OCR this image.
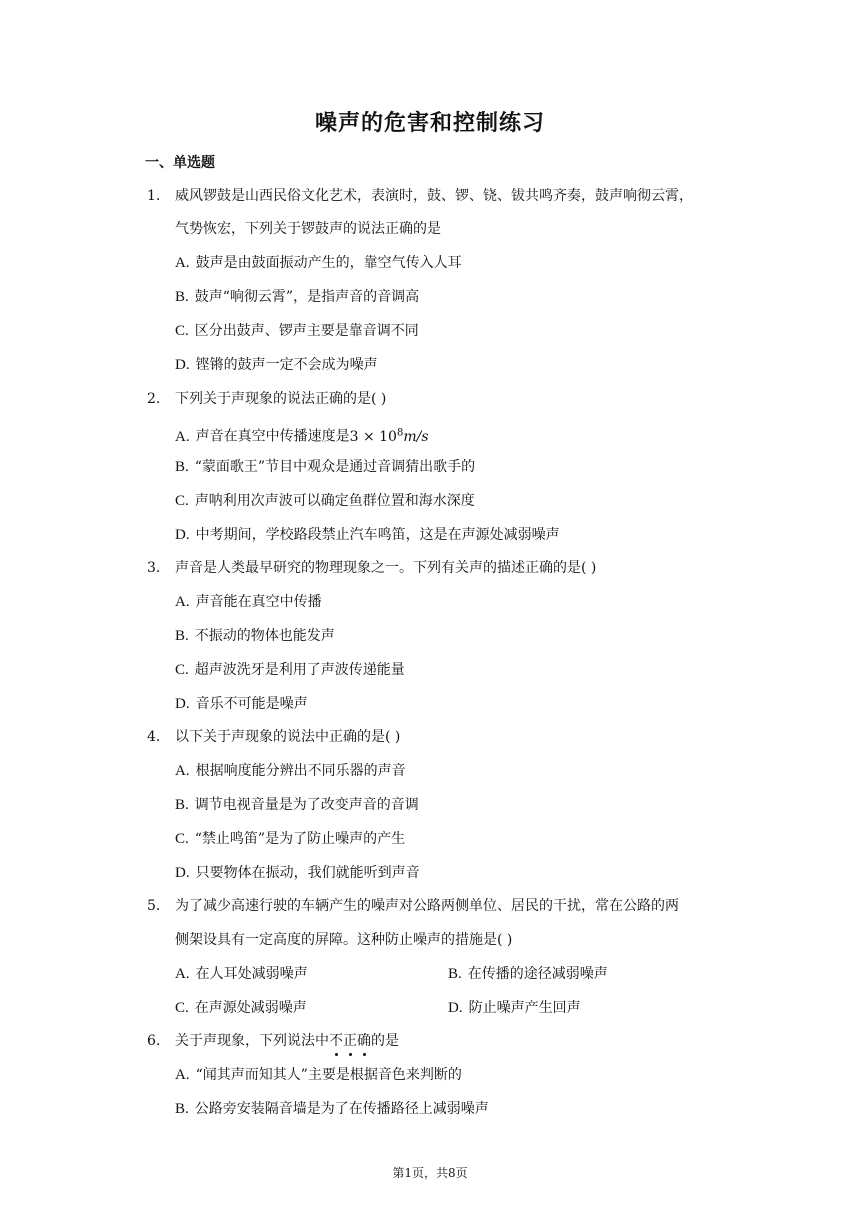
噪声的危害和控制练习
一、单选题
1. 威风锣鼓是山西民俗文化艺术，表演时，鼓、锣、铙、钹共鸣齐奏，鼓声响彻云霄，
气势恢宏，下列关于锣鼓声的说法正确的是
A. 鼓声是由鼓面振动产生的，靠空气传入人耳
B. 鼓声“响彻云霄”，是指声音的音调高
C. 区分出鼓声、锣声主要是靠音调不同
D. 铿锵的鼓声一定不会成为噪声
2. 下列关于声现象的说法正确的是( )
A. 声音在真空中传播速度是$3 \times 10^8m/s$
B. “蒙面歌王”节目中观众是通过音调猜出歌手的
C. 声呐利用次声波可以确定鱼群位置和海水深度
D. 中考期间，学校路段禁止汽车鸣笛，这是在声源处减弱噪声
3. 声音是人类最早研究的物理现象之一。下列有关声的描述正确的是( )
A. 声音能在真空中传播
B. 不振动的物体也能发声
C. 超声波洗牙是利用了声波传递能量
D. 音乐不可能是噪声
4. 以下关于声现象的说法中正确的是( )
A. 根据响度能分辨出不同乐器的声音
B. 调节电视音量是为了改变声音的音调
C. “禁止鸣笛”是为了防止噪声的产生
D. 只要物体在振动，我们就能听到声音
5. 为了减少高速行驶的车辆产生的噪声对公路两侧单位、居民的干扰，常在公路的两
侧架设具有一定高度的屏障。这种防止噪声的措施是( )
A. 在人耳处减弱噪声	B. 在传播的途径减弱噪声
C. 在声源处减弱噪声	D. 防止噪声产生回声
6. 关于声现象，下列说法中不
正
确
的是
A. “闻其声而知其人”主要是根据音色来判断的
B. 公路旁安装隔音墙是为了在传播路径上减弱噪声
第1页，共8页
